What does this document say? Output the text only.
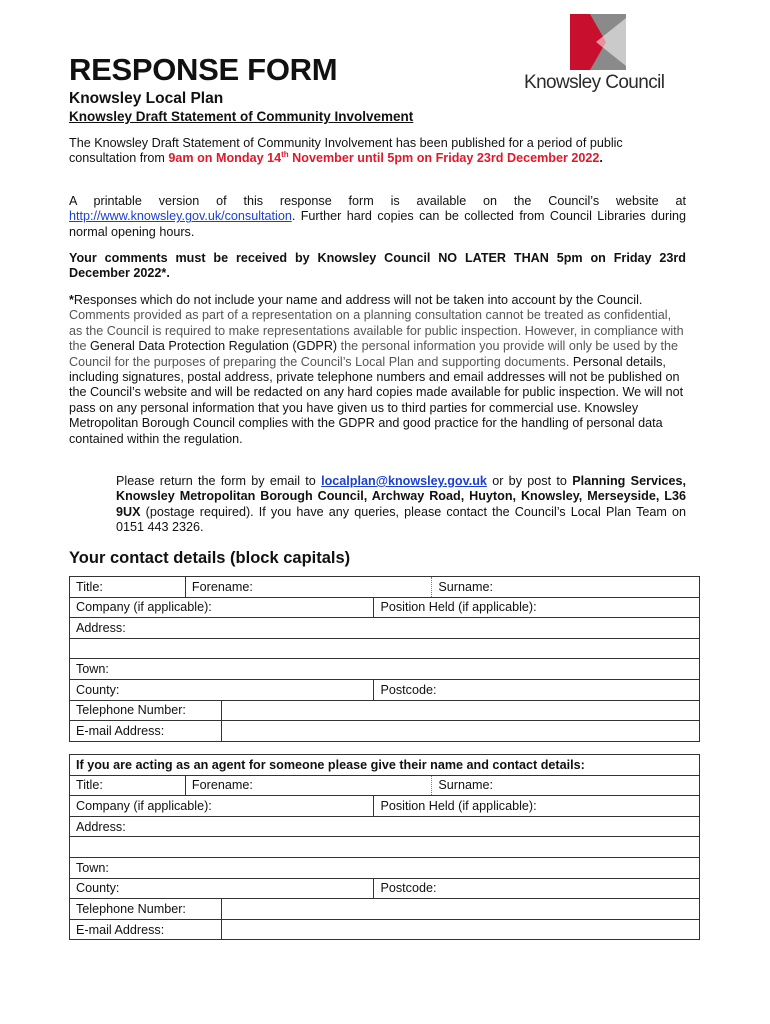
Knowsley Council
RESPONSE FORM
Knowsley Local Plan
Knowsley Draft Statement of Community Involvement

The Knowsley Draft Statement of Community Involvement has been published for a period of public consultation from 9am on Monday 14th November until 5pm on Friday 23rd December 2022.

A printable version of this response form is available on the Council’s website at http://www.knowsley.gov.uk/consultation. Further hard copies can be collected from Council Libraries during normal opening hours.

Your comments must be received by Knowsley Council NO LATER THAN 5pm on Friday 23rd December 2022*.

*Responses which do not include your name and address will not be taken into account by the Council. Comments provided as part of a representation on a planning consultation cannot be treated as confidential, as the Council is required to make representations available for public inspection. However, in compliance with the General Data Protection Regulation (GDPR) the personal information you provide will only be used by the Council for the purposes of preparing the Council’s Local Plan and supporting documents. Personal details, including signatures, postal address, private telephone numbers and email addresses will not be published on the Council’s website and will be redacted on any hard copies made available for public inspection. We will not pass on any personal information that you have given us to third parties for commercial use. Knowsley Metropolitan Borough Council complies with the GDPR and good practice for the handling of personal data contained within the regulation.

Please return the form by email to localplan@knowsley.gov.uk or by post to Planning Services, Knowsley Metropolitan Borough Council, Archway Road, Huyton, Knowsley, Merseyside, L36 9UX (postage required). If you have any queries, please contact the Council’s Local Plan Team on 0151 443 2326.

Your contact details (block capitals)
Title:	Forename:			Surname:
Company (if applicable):			Position Held (if applicable):	
Address:				

Town:				
County:			Postcode:	
Telephone Number:				
E-mail Address:				
If you are acting as an agent for someone please give their name and contact details:				
Title:	Forename:			Surname:
Company (if applicable):			Position Held (if applicable):	
Address:				

Town:				
County:			Postcode:	
Telephone Number:				
E-mail Address:				
